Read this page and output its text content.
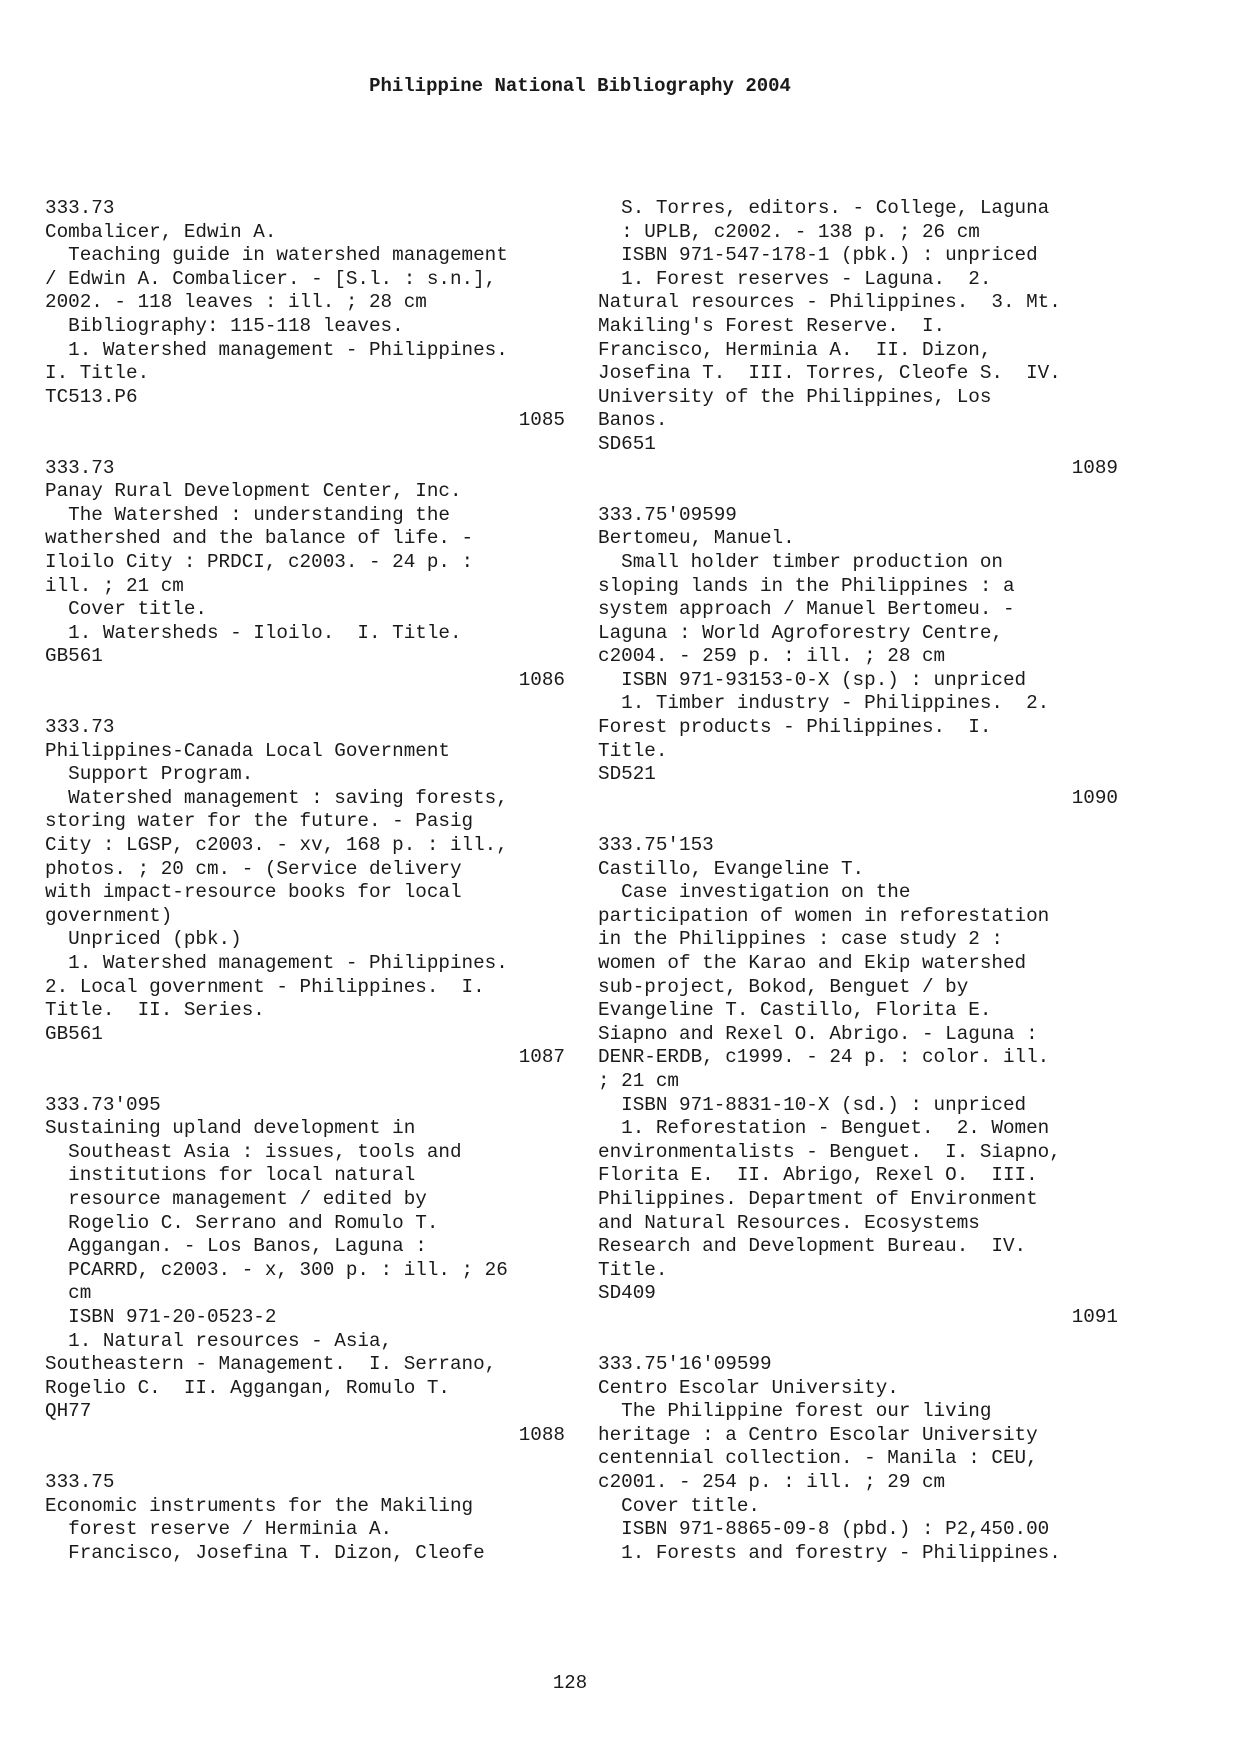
Philippine National Bibliography 2004
333.73
Combalicer, Edwin A.
Teaching guide in watershed management
/ Edwin A. Combalicer. - [S.l. : s.n.],
2002. - 118 leaves : ill. ; 28 cm
Bibliography: 115-118 leaves.
1. Watershed management - Philippines.
I. Title.
TC513.P6
1085
333.73
Panay Rural Development Center, Inc.
The Watershed : understanding the
wathershed and the balance of life. -
Iloilo City : PRDCI, c2003. - 24 p. :
ill. ; 21 cm
Cover title.
1. Watersheds - Iloilo.  I. Title.
GB561
1086
333.73
Philippines-Canada Local Government
Support Program.
Watershed management : saving forests,
storing water for the future. - Pasig
City : LGSP, c2003. - xv, 168 p. : ill.,
photos. ; 20 cm. - (Service delivery
with impact-resource books for local
government)
Unpriced (pbk.)
1. Watershed management - Philippines.
2. Local government - Philippines.  I.
Title.  II. Series.
GB561
1087
333.73'095
Sustaining upland development in
Southeast Asia : issues, tools and
institutions for local natural
resource management / edited by
Rogelio C. Serrano and Romulo T.
Aggangan. - Los Banos, Laguna :
PCARRD, c2003. - x, 300 p. : ill. ; 26
cm
ISBN 971-20-0523-2
1. Natural resources - Asia,
Southeastern - Management.  I. Serrano,
Rogelio C.  II. Aggangan, Romulo T.
QH77
1088
333.75
Economic instruments for the Makiling
forest reserve / Herminia A.
Francisco, Josefina T. Dizon, Cleofe
S. Torres, editors. - College, Laguna
: UPLB, c2002. - 138 p. ; 26 cm
ISBN 971-547-178-1 (pbk.) : unpriced
1. Forest reserves - Laguna.  2.
Natural resources - Philippines.  3. Mt.
Makiling's Forest Reserve.  I.
Francisco, Herminia A.  II. Dizon,
Josefina T.  III. Torres, Cleofe S.  IV.
University of the Philippines, Los
Banos.
SD651
1089
333.75'09599
Bertomeu, Manuel.
Small holder timber production on
sloping lands in the Philippines : a
system approach / Manuel Bertomeu. -
Laguna : World Agroforestry Centre,
c2004. - 259 p. : ill. ; 28 cm
ISBN 971-93153-0-X (sp.) : unpriced
1. Timber industry - Philippines.  2.
Forest products - Philippines.  I.
Title.
SD521
1090
333.75'153
Castillo, Evangeline T.
Case investigation on the
participation of women in reforestation
in the Philippines : case study 2 :
women of the Karao and Ekip watershed
sub-project, Bokod, Benguet / by
Evangeline T. Castillo, Florita E.
Siapno and Rexel O. Abrigo. - Laguna :
DENR-ERDB, c1999. - 24 p. : color. ill.
; 21 cm
ISBN 971-8831-10-X (sd.) : unpriced
1. Reforestation - Benguet.  2. Women
environmentalists - Benguet.  I. Siapno,
Florita E.  II. Abrigo, Rexel O.  III.
Philippines. Department of Environment
and Natural Resources. Ecosystems
Research and Development Bureau.  IV.
Title.
SD409
1091
333.75'16'09599
Centro Escolar University.
The Philippine forest our living
heritage : a Centro Escolar University
centennial collection. - Manila : CEU,
c2001. - 254 p. : ill. ; 29 cm
Cover title.
ISBN 971-8865-09-8 (pbd.) : P2,450.00
1. Forests and forestry - Philippines.
128
